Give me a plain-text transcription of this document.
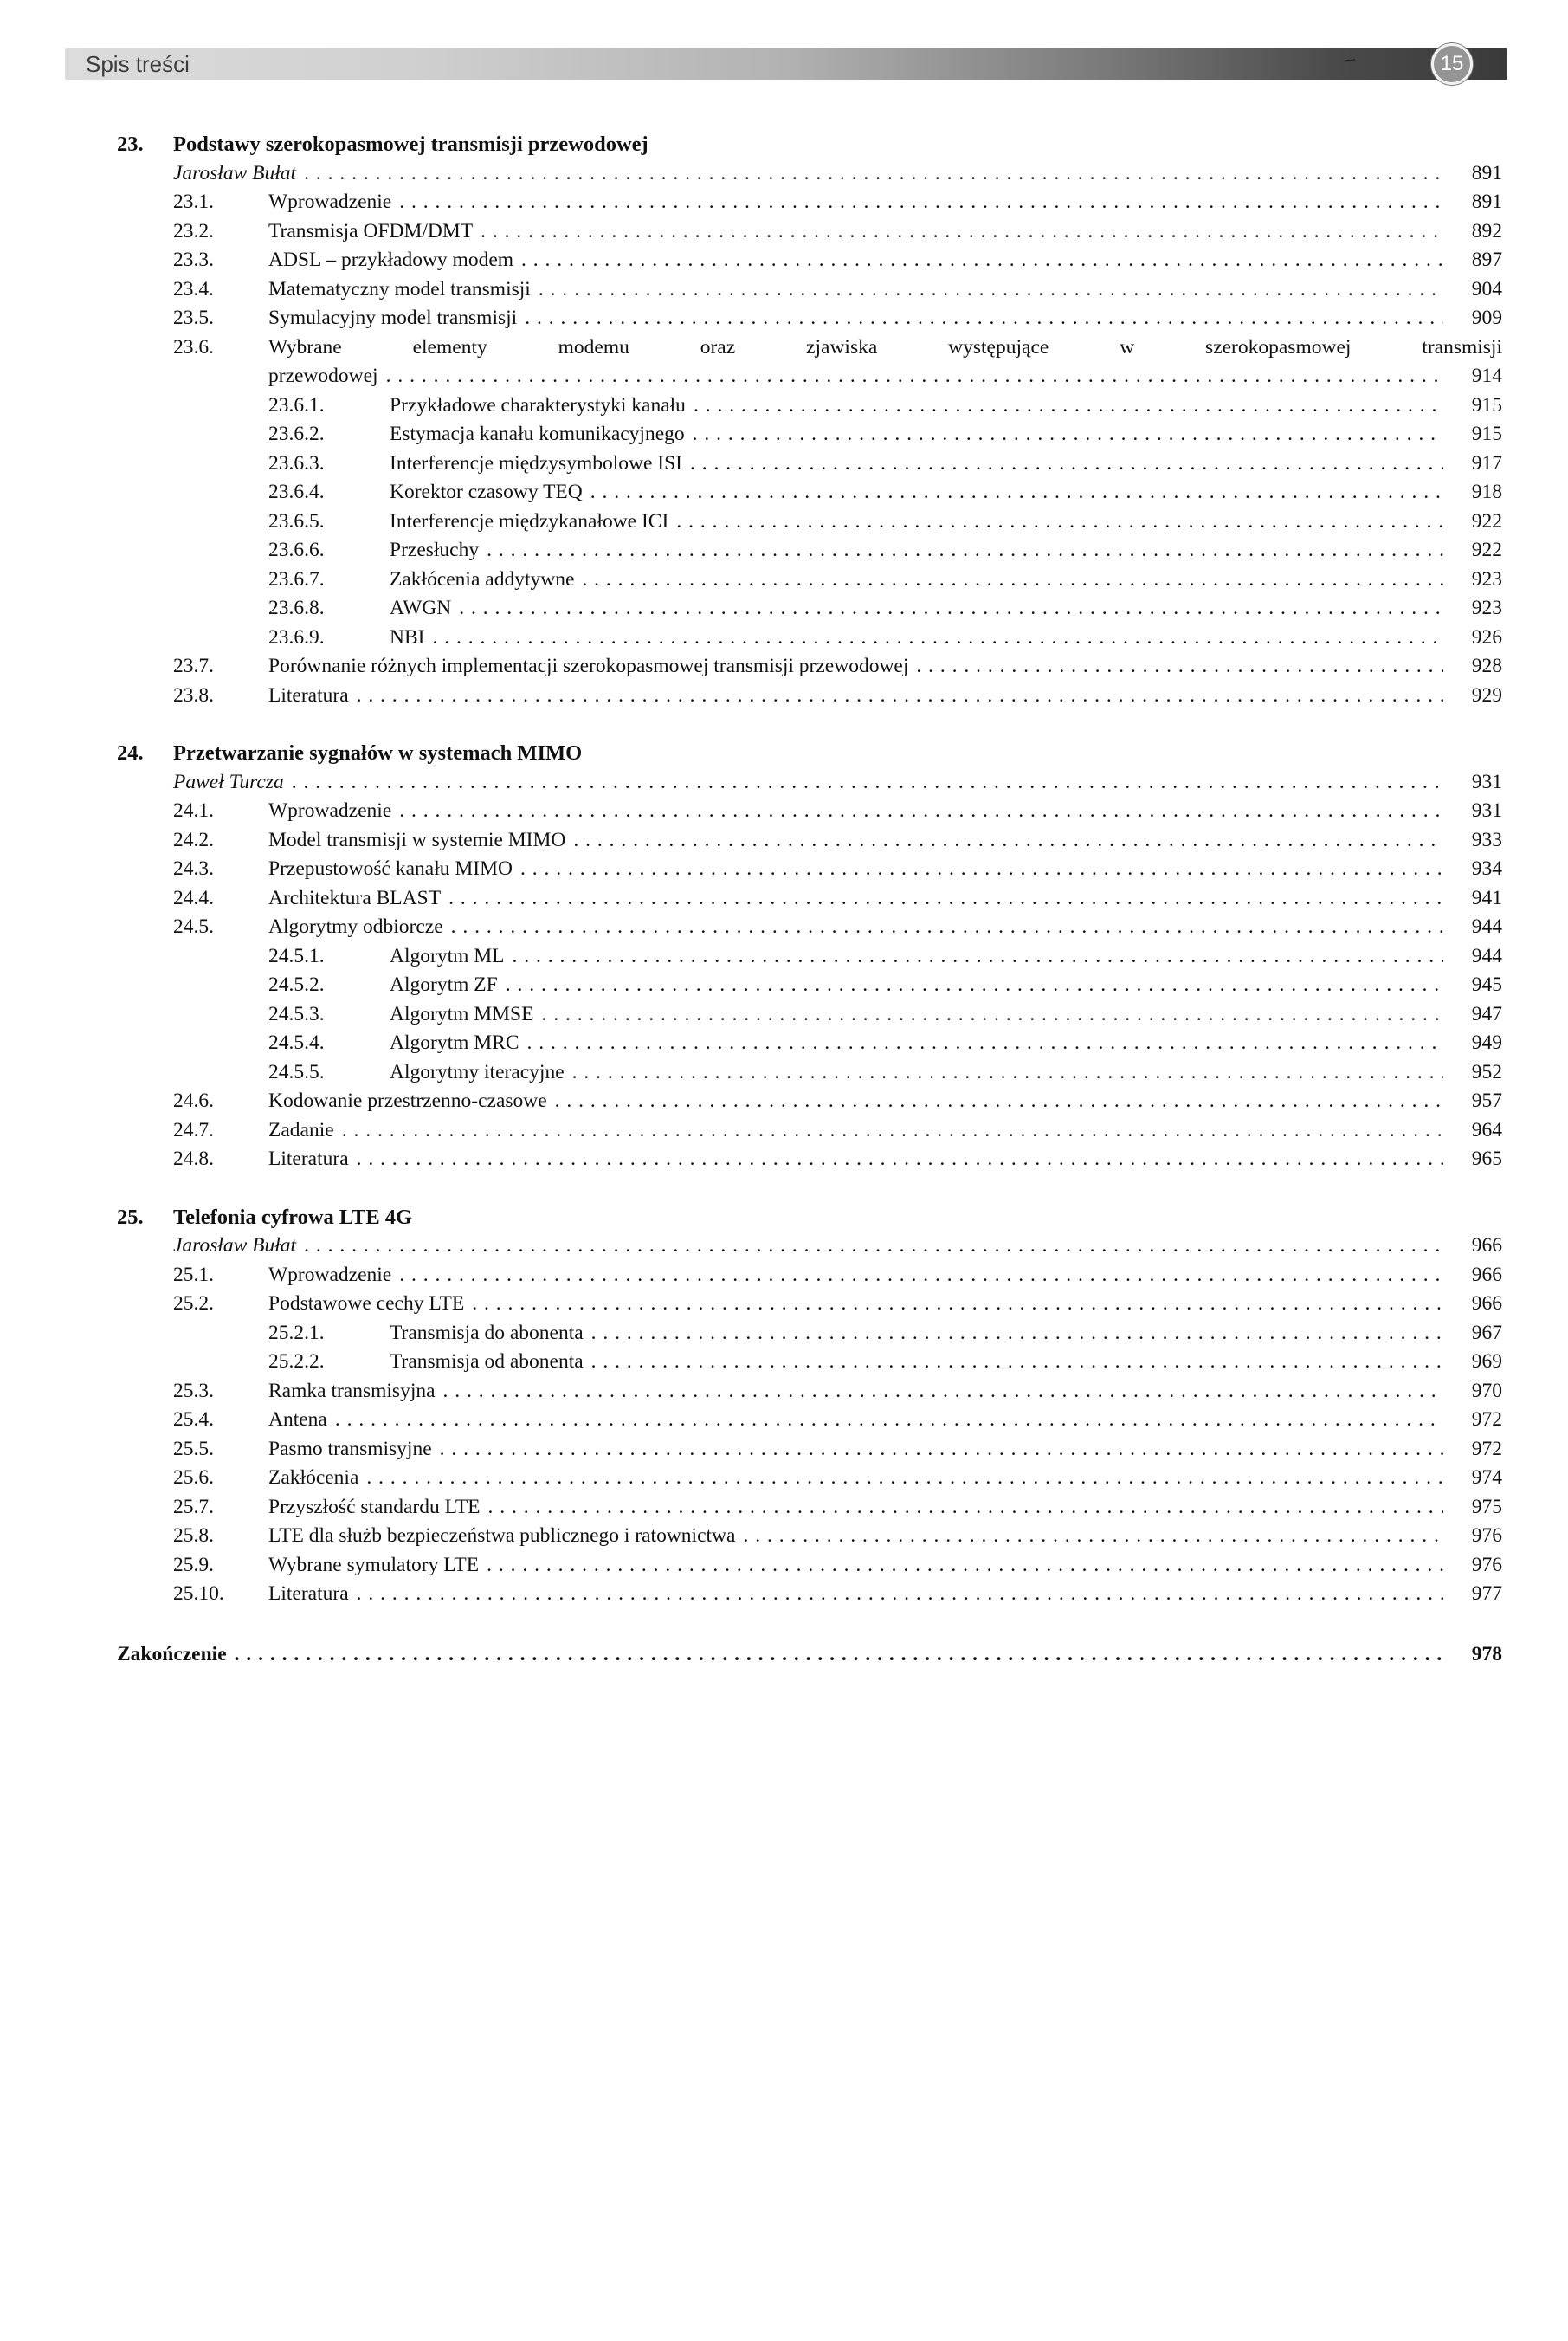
Spis treści	~	15
23.	Podstawy szerokopasmowej transmisji przewodowej
Jarosław Bułat . . .	891
23.1.	Wprowadzenie . . .	891
23.2.	Transmisja OFDM/DMT . . .	892
23.3.	ADSL – przykładowy modem . . .	897
23.4.	Matematyczny model transmisji . . .	904
23.5.	Symulacyjny model transmisji . . .	909
23.6.	Wybrane elementy modemu oraz zjawiska występujące w szerokopasmowej transmisji
przewodowej . . .	914
23.6.1.	Przykładowe charakterystyki kanału . . .	915
23.6.2.	Estymacja kanału komunikacyjnego . . .	915
23.6.3.	Interferencje międzysymbolowe ISI . . .	917
23.6.4.	Korektor czasowy TEQ . . .	918
23.6.5.	Interferencje międzykanałowe ICI . . .	922
23.6.6.	Przesłuchy . . .	922
23.6.7.	Zakłócenia addytywne . . .	923
23.6.8.	AWGN . . .	923
23.6.9.	NBI . . .	926
23.7.	Porównanie różnych implementacji szerokopasmowej transmisji przewodowej . . .	928
23.8.	Literatura . . .	929
24.	Przetwarzanie sygnałów w systemach MIMO
Paweł Turcza . . .	931
24.1.	Wprowadzenie . . .	931
24.2.	Model transmisji w systemie MIMO . . .	933
24.3.	Przepustowość kanału MIMO . . .	934
24.4.	Architektura BLAST . . .	941
24.5.	Algorytmy odbiorcze . . .	944
24.5.1.	Algorytm ML . . .	944
24.5.2.	Algorytm ZF . . .	945
24.5.3.	Algorytm MMSE . . .	947
24.5.4.	Algorytm MRC . . .	949
24.5.5.	Algorytmy iteracyjne . . .	952
24.6.	Kodowanie przestrzenno-czasowe . . .	957
24.7.	Zadanie . . .	964
24.8.	Literatura . . .	965
25.	Telefonia cyfrowa LTE 4G
Jarosław Bułat . . .	966
25.1.	Wprowadzenie . . .	966
25.2.	Podstawowe cechy LTE . . .	966
25.2.1.	Transmisja do abonenta . . .	967
25.2.2.	Transmisja od abonenta . . .	969
25.3.	Ramka transmisyjna . . .	970
25.4.	Antena . . .	972
25.5.	Pasmo transmisyjne . . .	972
25.6.	Zakłócenia . . .	974
25.7.	Przyszłość standardu LTE . . .	975
25.8.	LTE dla służb bezpieczeństwa publicznego i ratownictwa . . .	976
25.9.	Wybrane symulatory LTE . . .	976
25.10.	Literatura . . .	977
Zakończenie . . .	978
